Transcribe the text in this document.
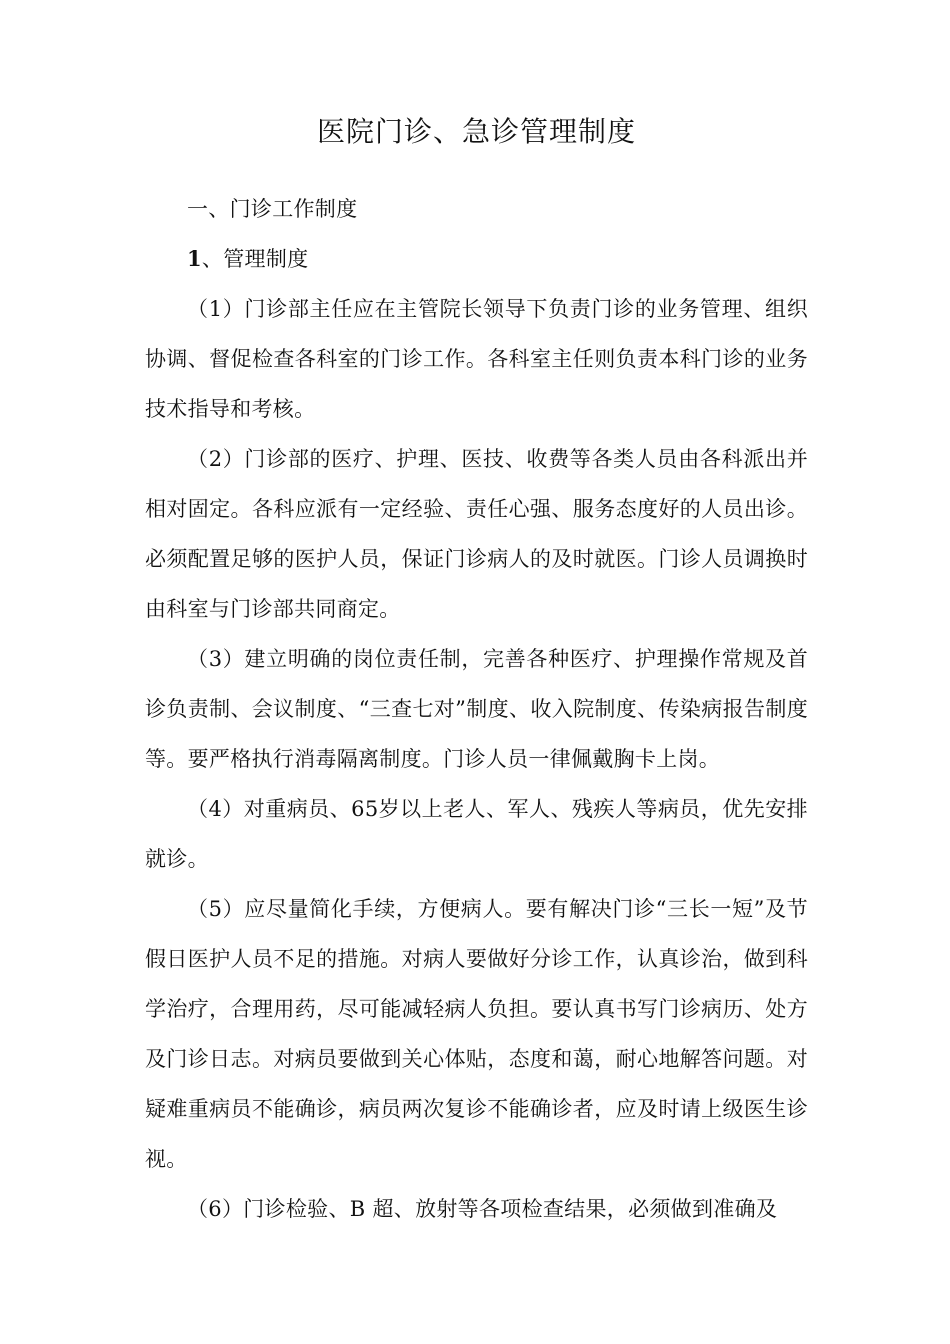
医院门诊、急诊管理制度

一、门诊工作制度

1、管理制度

（1）门诊部主任应在主管院长领导下负责门诊的业务管理、组织协调、督促检查各科室的门诊工作。各科室主任则负责本科门诊的业务技术指导和考核。

（2）门诊部的医疗、护理、医技、收费等各类人员由各科派出并相对固定。各科应派有一定经验、责任心强、服务态度好的人员出诊。必须配置足够的医护人员，保证门诊病人的及时就医。门诊人员调换时由科室与门诊部共同商定。

（3）建立明确的岗位责任制，完善各种医疗、护理操作常规及首诊负责制、会议制度、“三查七对”制度、收入院制度、传染病报告制度等。要严格执行消毒隔离制度。门诊人员一律佩戴胸卡上岗。

（4）对重病员、65岁以上老人、军人、残疾人等病员，优先安排就诊。

（5）应尽量简化手续，方便病人。要有解决门诊“三长一短”及节假日医护人员不足的措施。对病人要做好分诊工作，认真诊治，做到科学治疗，合理用药，尽可能减轻病人负担。要认真书写门诊病历、处方及门诊日志。对病员要做到关心体贴，态度和蔼，耐心地解答问题。对疑难重病员不能确诊，病员两次复诊不能确诊者，应及时请上级医生诊视。

（6）门诊检验、B 超、放射等各项检查结果，必须做到准确及
